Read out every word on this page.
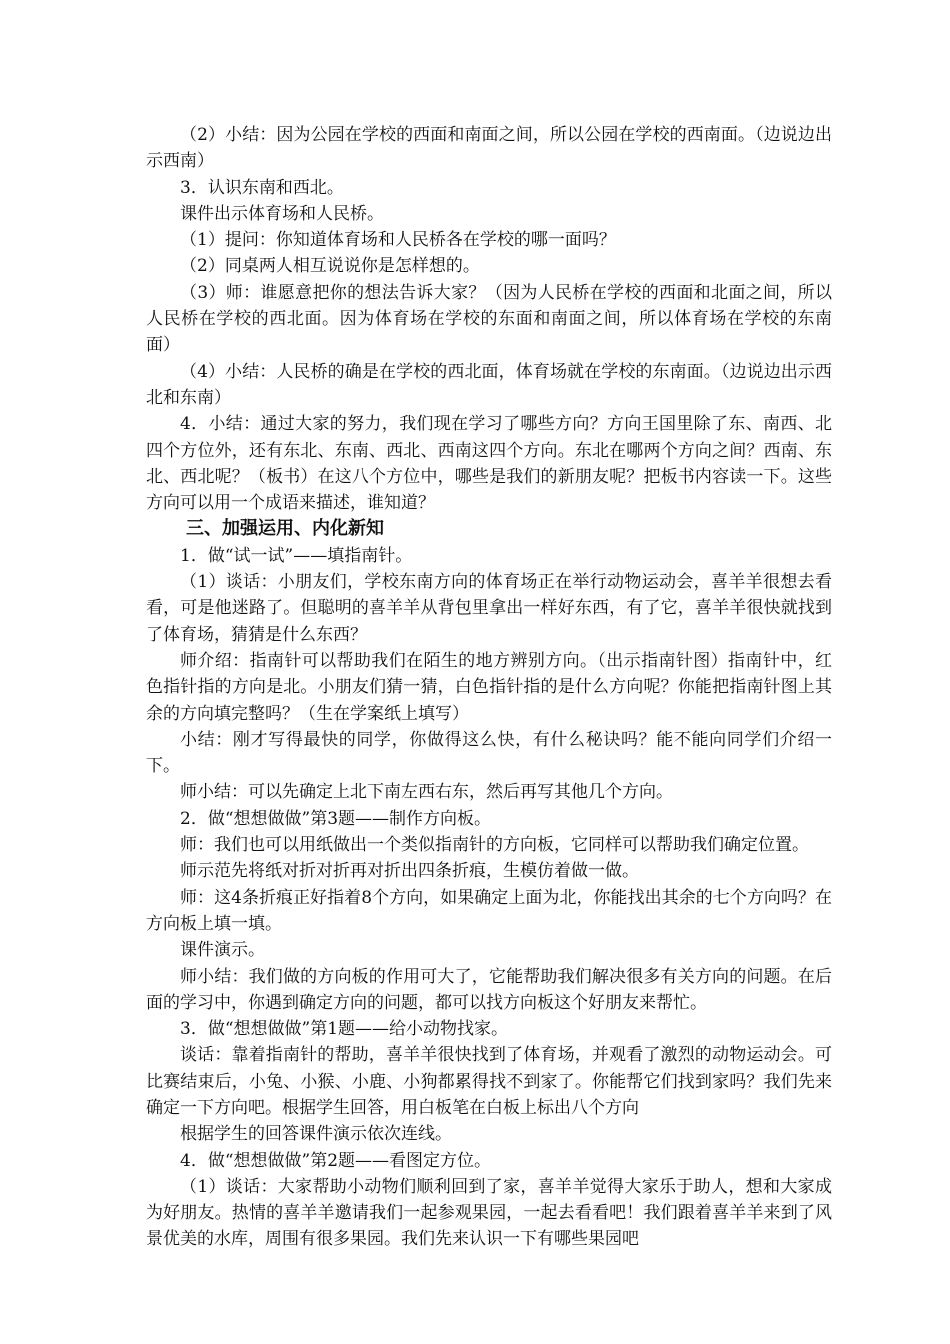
（2）小结：因为公园在学校的西面和南面之间，所以公园在学校的西南面。（边说边出示西南）

3．认识东南和西北。

课件出示体育场和人民桥。

（1）提问：你知道体育场和人民桥各在学校的哪一面吗？

（2）同桌两人相互说说你是怎样想的。

（3）师：谁愿意把你的想法告诉大家？（因为人民桥在学校的西面和北面之间，所以人民桥在学校的西北面。因为体育场在学校的东面和南面之间，所以体育场在学校的东南面）

（4）小结：人民桥的确是在学校的西北面，体育场就在学校的东南面。（边说边出示西北和东南）

4．小结：通过大家的努力，我们现在学习了哪些方向？方向王国里除了东、南西、北四个方位外，还有东北、东南、西北、西南这四个方向。东北在哪两个方向之间？西南、东北、西北呢？（板书）在这八个方位中，哪些是我们的新朋友呢？把板书内容读一下。这些方向可以用一个成语来描述，谁知道？

三、加强运用、内化新知

1．做“试一试”——填指南针。

（1）谈话：小朋友们，学校东南方向的体育场正在举行动物运动会，喜羊羊很想去看看，可是他迷路了。但聪明的喜羊羊从背包里拿出一样好东西，有了它，喜羊羊很快就找到了体育场，猜猜是什么东西？

师介绍：指南针可以帮助我们在陌生的地方辨别方向。（出示指南针图）指南针中，红色指针指的方向是北。小朋友们猜一猜，白色指针指的是什么方向呢？你能把指南针图上其余的方向填完整吗？（生在学案纸上填写）

小结：刚才写得最快的同学，你做得这么快，有什么秘诀吗？能不能向同学们介绍一下。

师小结：可以先确定上北下南左西右东，然后再写其他几个方向。

2．做“想想做做”第3题——制作方向板。

师：我们也可以用纸做出一个类似指南针的方向板，它同样可以帮助我们确定位置。

师示范先将纸对折对折再对折出四条折痕，生模仿着做一做。

师：这4条折痕正好指着8个方向，如果确定上面为北，你能找出其余的七个方向吗？在方向板上填一填。

课件演示。

师小结：我们做的方向板的作用可大了，它能帮助我们解决很多有关方向的问题。在后面的学习中，你遇到确定方向的问题，都可以找方向板这个好朋友来帮忙。

3．做“想想做做”第1题——给小动物找家。

谈话：靠着指南针的帮助，喜羊羊很快找到了体育场，并观看了激烈的动物运动会。可比赛结束后，小兔、小猴、小鹿、小狗都累得找不到家了。你能帮它们找到家吗？我们先来确定一下方向吧。根据学生回答，用白板笔在白板上标出八个方向

根据学生的回答课件演示依次连线。

4．做“想想做做”第2题——看图定方位。

（1）谈话：大家帮助小动物们顺利回到了家，喜羊羊觉得大家乐于助人，想和大家成为好朋友。热情的喜羊羊邀请我们一起参观果园，一起去看看吧！我们跟着喜羊羊来到了风景优美的水库，周围有很多果园。我们先来认识一下有哪些果园吧
